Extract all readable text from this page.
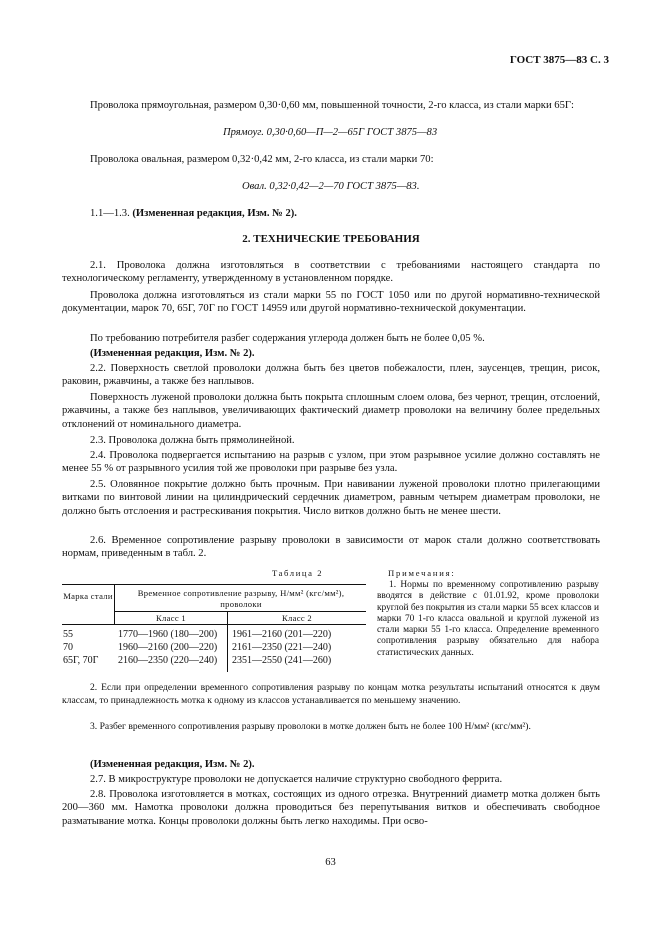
ГОСТ 3875—83 С. 3
Проволока прямоугольная, размером 0,30·0,60 мм, повышенной точности, 2-го класса, из стали марки 65Г:
Прямоуг. 0,30·0,60—П—2—65Г ГОСТ 3875—83
Проволока овальная, размером 0,32·0,42 мм, 2-го класса, из стали марки 70:
Овал. 0,32·0,42—2—70 ГОСТ 3875—83.
1.1—1.3. (Измененная редакция, Изм. № 2).
2. ТЕХНИЧЕСКИЕ ТРЕБОВАНИЯ
2.1. Проволока должна изготовляться в соответствии с требованиями настоящего стандарта по технологическому регламенту, утвержденному в установленном порядке.
Проволока должна изготовляться из стали марки 55 по ГОСТ 1050 или по другой нормативно-технической документации, марок 70, 65Г, 70Г по ГОСТ 14959 или другой нормативно-технической документации.
По требованию потребителя разбег содержания углерода должен быть не более 0,05 %.
(Измененная редакция, Изм. № 2).
2.2. Поверхность светлой проволоки должна быть без цветов побежалости, плен, заусенцев, трещин, рисок, раковин, ржавчины, а также без наплывов.
Поверхность луженой проволоки должна быть покрыта сплошным слоем олова, без чернот, трещин, отслоений, ржавчины, а также без наплывов, увеличивающих фактический диаметр проволоки на величину более предельных отклонений от номинального диаметра.
2.3. Проволока должна быть прямолинейной.
2.4. Проволока подвергается испытанию на разрыв с узлом, при этом разрывное усилие должно составлять не менее 55 % от разрывного усилия той же проволоки при разрыве без узла.
2.5. Оловянное покрытие должно быть прочным. При навивании луженой проволоки плотно прилегающими витками по винтовой линии на цилиндрический сердечник диаметром, равным четырем диаметрам проволоки, не должно быть отслоения и растрескивания покрытия. Число витков должно быть не менее шести.
2.6. Временное сопротивление разрыву проволоки в зависимости от марок стали должно соответствовать нормам, приведенным в табл. 2.
Таблица 2
Марка стали	Временное сопротивление разрыву, Н/мм² (кгс/мм²), проволоки
Класс 1	Класс 2
55
70
65Г, 70Г
1770—1960 (180—200)
1960—2160 (200—220)
2160—2350 (220—240)
1961—2160 (201—220)
2161—2350 (221—240)
2351—2550 (241—260)
Примечания:
1. Нормы по временному сопротивлению разрыву вводятся в действие с 01.01.92, кроме проволоки круглой без покрытия из стали марки 55 всех классов и марки 70 1-го класса овальной и круглой луженой из стали марки 55 1-го класса. Определение временного сопротивления разрыву обязательно для набора статистических данных.
2. Если при определении временного сопротивления разрыву по концам мотка результаты испытаний относятся к двум классам, то принадлежность мотка к одному из классов устанавливается по меньшему значению.
3. Разбег временного сопротивления разрыву проволоки в мотке должен быть не более 100 Н/мм² (кгс/мм²).
(Измененная редакция, Изм. № 2).
2.7. В микроструктуре проволоки не допускается наличие структурно свободного феррита.
2.8. Проволока изготовляется в мотках, состоящих из одного отрезка. Внутренний диаметр мотка должен быть 200—360 мм. Намотка проволоки должна проводиться без перепутывания витков и обеспечивать свободное разматывание мотка. Концы проволоки должны быть легко находимы. При осво-
63
